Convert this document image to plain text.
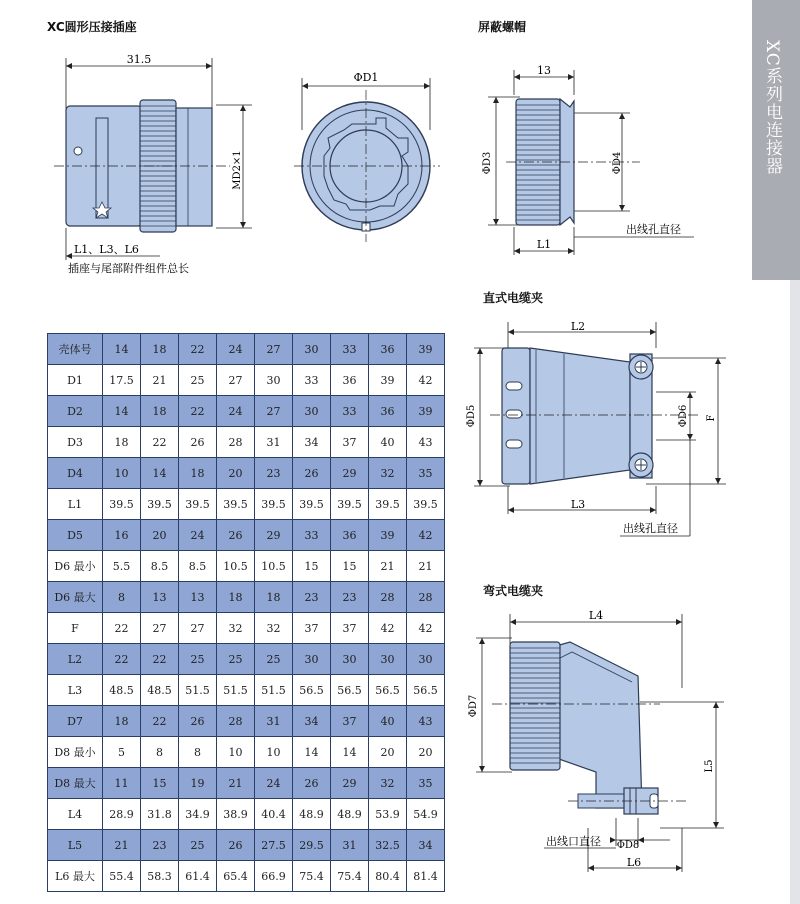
XC圆形压接插座	屏蔽螺帽
直式电缆夹
弯式电缆夹
XC系列电连接器
31.5
MD2×1
L1、L3、L6
插座与尾部附件组件总长
ΦD1
13
ΦD3	ΦD4
L1
出线孔直径
L2
ΦD5	ΦD6 F
L3
出线孔直径
L4
ΦD7
L5
出线口直径 ΦD8
L6
壳体号	14	18	22	24	27	30	33	36	39
D1	17.5	21	25	27	30	33	36	39	42
D2	14	18	22	24	27	30	33	36	39
D3	18	22	26	28	31	34	37	40	43
D4	10	14	18	20	23	26	29	32	35
L1	39.5	39.5	39.5	39.5	39.5	39.5	39.5	39.5	39.5
D5	16	20	24	26	29	33	36	39	42
D6 最小	5.5	8.5	8.5	10.5	10.5	15	15	21	21
D6 最大	8	13	13	18	18	23	23	28	28
F	22	27	27	32	32	37	37	42	42
L2	22	22	25	25	25	30	30	30	30
L3	48.5	48.5	51.5	51.5	51.5	56.5	56.5	56.5	56.5
D7	18	22	26	28	31	34	37	40	43
D8 最小	5	8	8	10	10	14	14	20	20
D8 最大	11	15	19	21	24	26	29	32	35
L4	28.9	31.8	34.9	38.9	40.4	48.9	48.9	53.9	54.9
L5	21	23	25	26	27.5	29.5	31	32.5	34
L6 最大	55.4	58.3	61.4	65.4	66.9	75.4	75.4	80.4	81.4
